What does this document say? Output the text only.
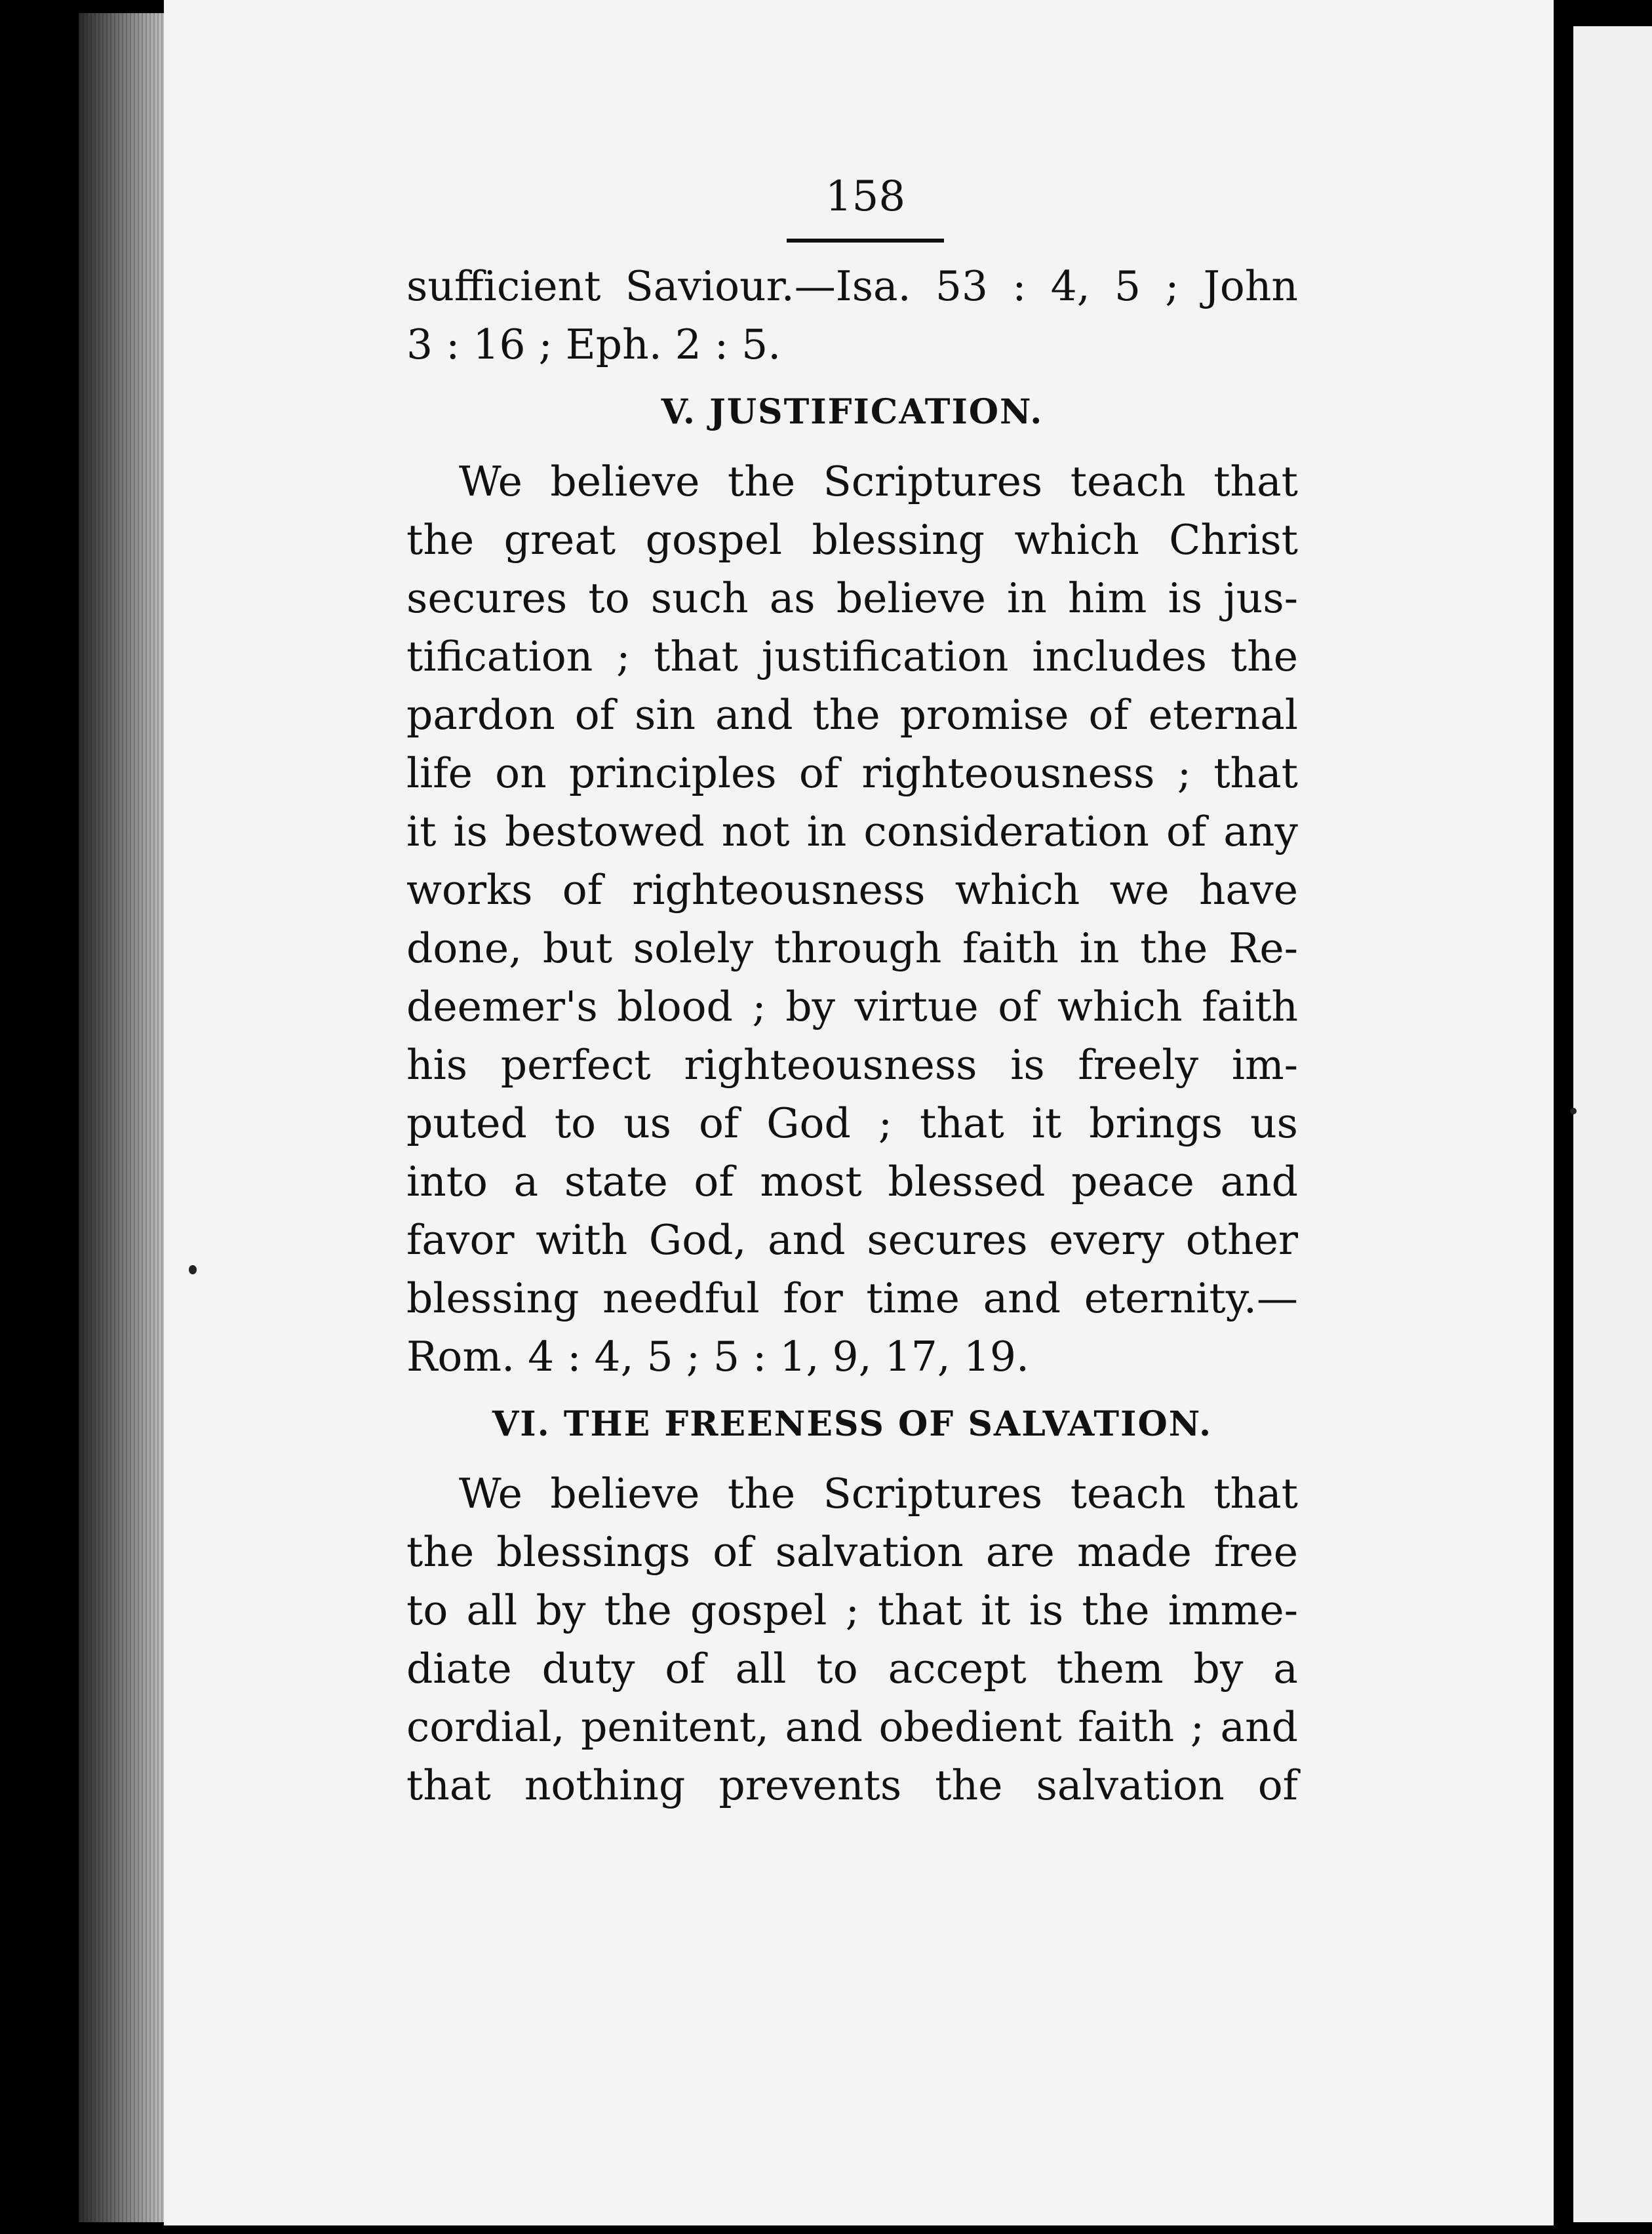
158

sufficient Saviour.—Isa. 53 : 4, 5 ; John
3 : 16 ; Eph. 2 : 5.
V. JUSTIFICATION.
We believe the Scriptures teach that
the great gospel blessing which Christ
secures to such as believe in him is jus-
tification ; that justification includes the
pardon of sin and the promise of eternal
life on principles of righteousness ; that
it is bestowed not in consideration of any
works of righteousness which we have
done, but solely through faith in the Re-
deemer's blood ; by virtue of which faith
his perfect righteousness is freely im-
puted to us of God ; that it brings us
into a state of most blessed peace and
favor with God, and secures every other
blessing needful for time and eternity.—
Rom. 4 : 4, 5 ; 5 : 1, 9, 17, 19.
VI. THE FREENESS OF SALVATION.
We believe the Scriptures teach that
the blessings of salvation are made free
to all by the gospel ; that it is the imme-
diate duty of all to accept them by a
cordial, penitent, and obedient faith ; and
that nothing prevents the salvation of
